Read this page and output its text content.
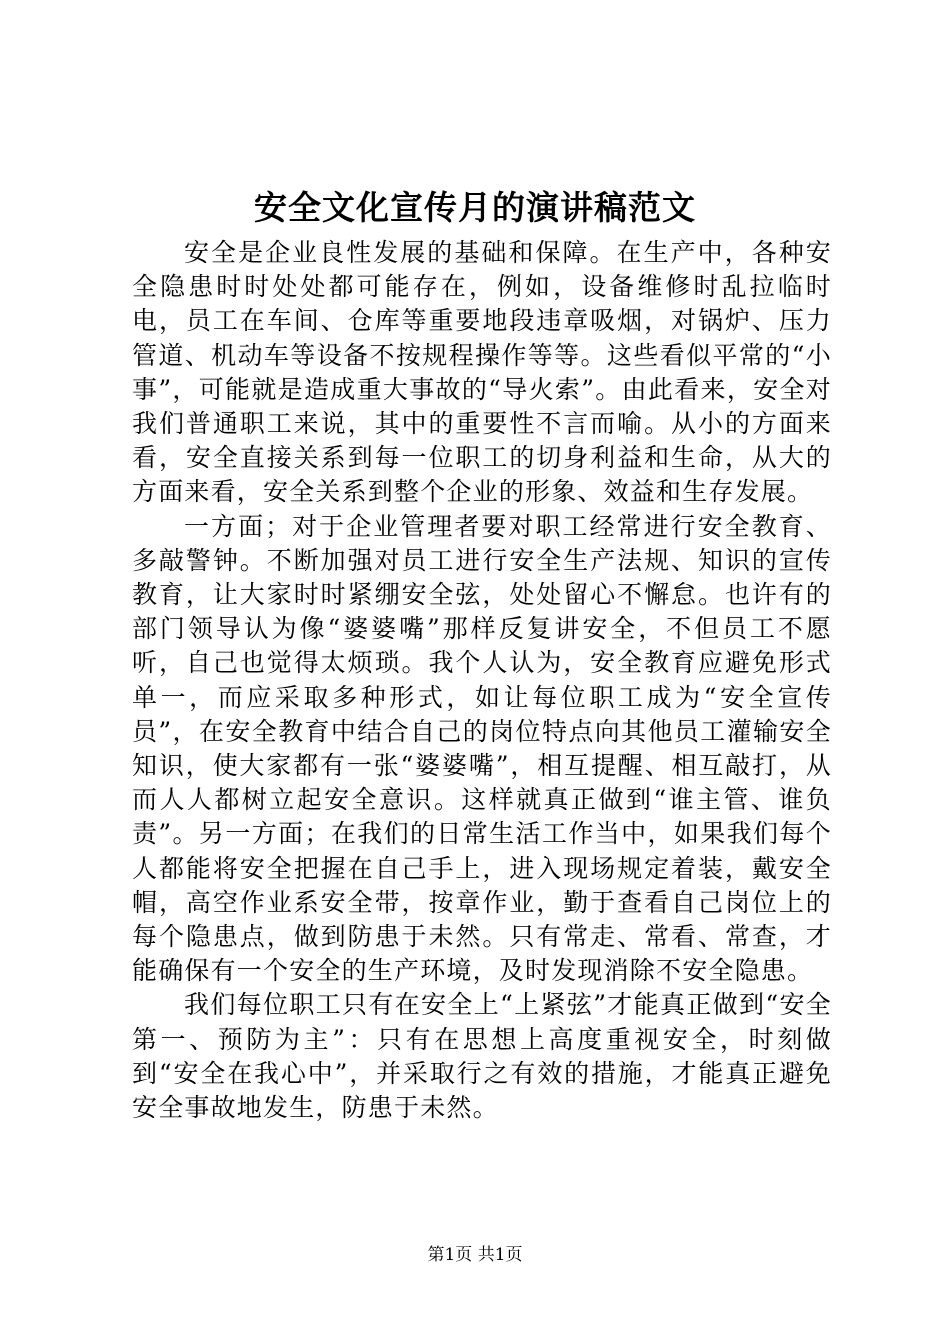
安全文化宣传月的演讲稿范文

安全是企业良性发展的基础和保障。在生产中，各种安全隐患时时处处都可能存在，例如，设备维修时乱拉临时电，员工在车间、仓库等重要地段违章吸烟，对锅炉、压力管道、机动车等设备不按规程操作等等。这些看似平常的“小事”，可能就是造成重大事故的“导火索”。由此看来，安全对我们普通职工来说，其中的重要性不言而喻。从小的方面来看，安全直接关系到每一位职工的切身利益和生命，从大的方面来看，安全关系到整个企业的形象、效益和生存发展。

一方面；对于企业管理者要对职工经常进行安全教育、多敲警钟。不断加强对员工进行安全生产法规、知识的宣传教育，让大家时时紧绷安全弦，处处留心不懈怠。也许有的部门领导认为像“婆婆嘴”那样反复讲安全，不但员工不愿听，自己也觉得太烦琐。我个人认为，安全教育应避免形式单一，而应采取多种形式，如让每位职工成为“安全宣传员”，在安全教育中结合自己的岗位特点向其他员工灌输安全知识，使大家都有一张“婆婆嘴”，相互提醒、相互敲打，从而人人都树立起安全意识。这样就真正做到“谁主管、谁负责”。另一方面；在我们的日常生活工作当中，如果我们每个人都能将安全把握在自己手上，进入现场规定着装，戴安全帽，高空作业系安全带，按章作业，勤于查看自己岗位上的每个隐患点，做到防患于未然。只有常走、常看、常查，才能确保有一个安全的生产环境，及时发现消除不安全隐患。

我们每位职工只有在安全上“上紧弦”才能真正做到“安全第一、预防为主”：只有在思想上高度重视安全，时刻做到“安全在我心中”，并采取行之有效的措施，才能真正避免安全事故地发生，防患于未然。

第1页 共1页
